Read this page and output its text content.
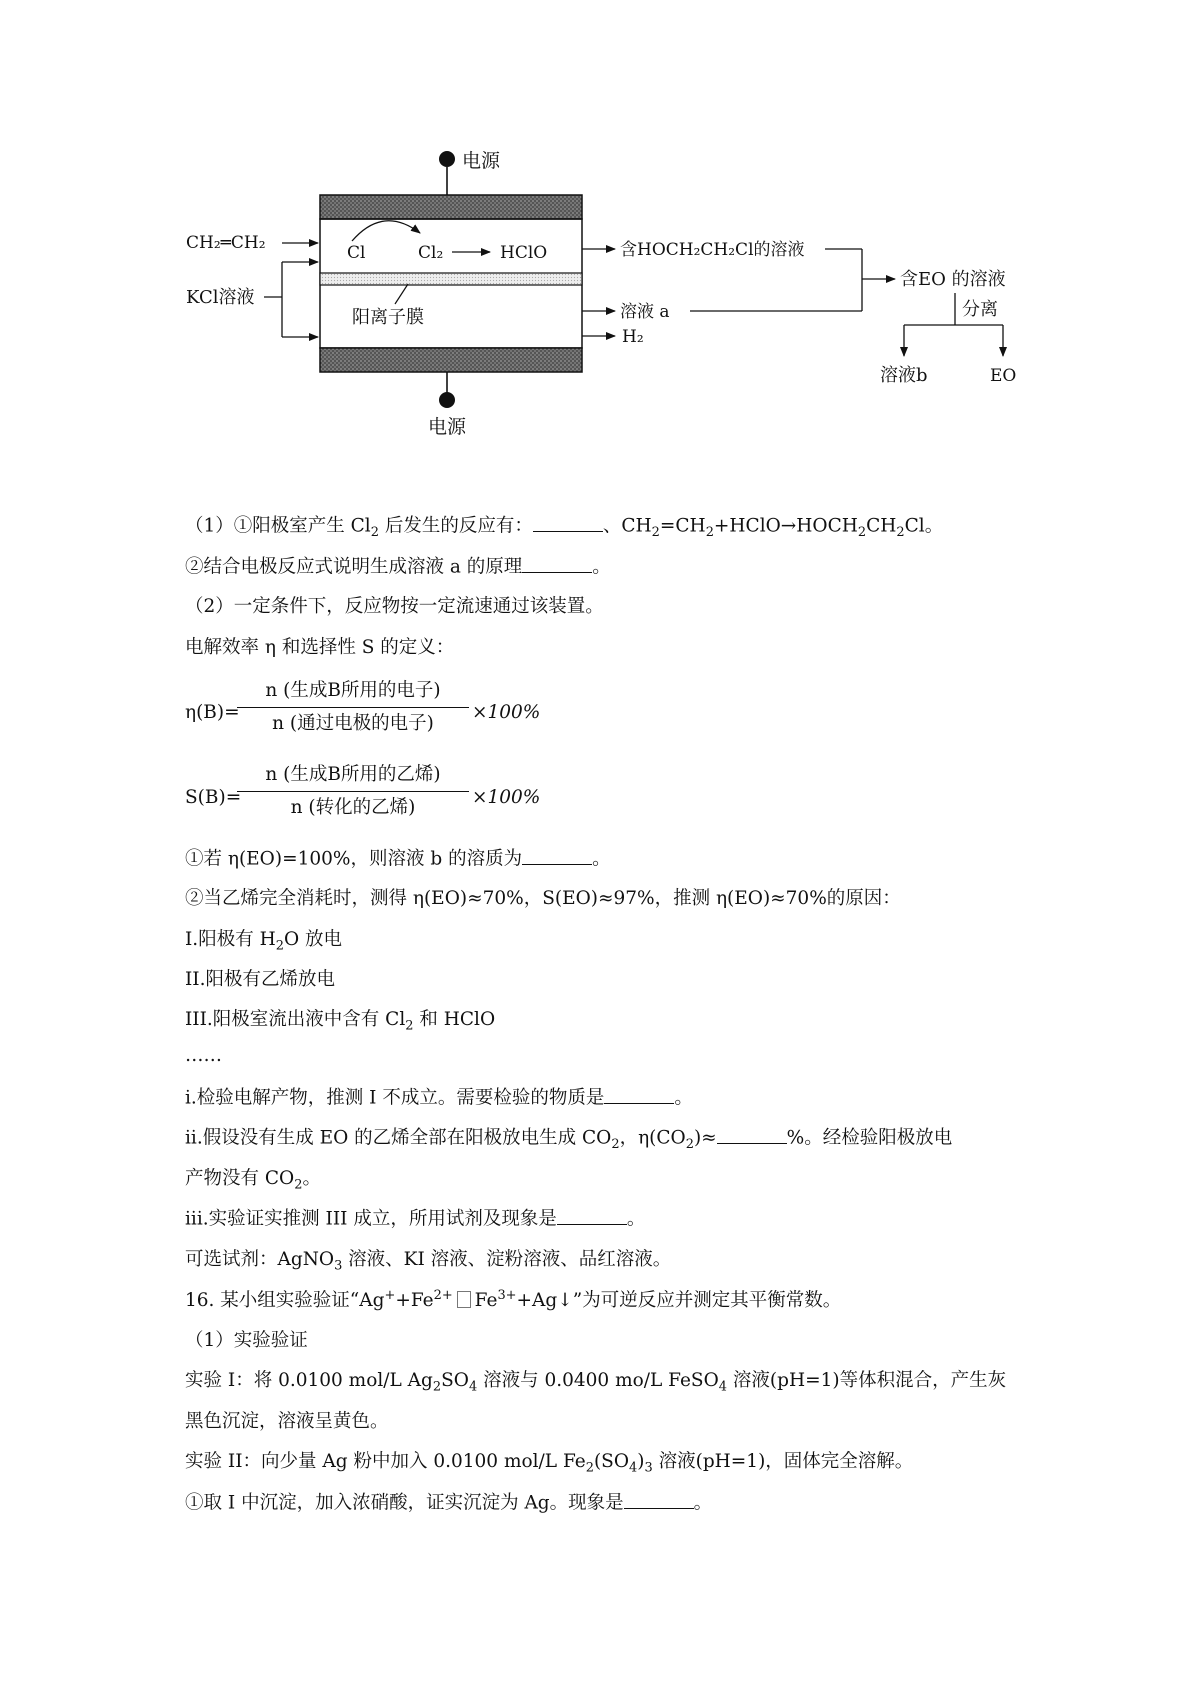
电源
电源
CH₂═CH₂
KCl溶液
Cl	Cl₂	HClO
阳离子膜
含HOCH₂CH₂Cl的溶液
溶液 a
H₂
含EO 的溶液
分离
溶液b	EO
（1）①阳极室产生 $Cl_2$ 后发生的反应有：	、$CH_2=CH_2+HClO\to HOCH_2CH_2Cl$。
②结合电极反应式说明生成溶液 a 的原理	。
（2）一定条件下，反应物按一定流速通过该装置。
电解效率 η 和选择性 S 的定义：
η(B)=
n (生成B所用的电子)
n (通过电极的电子)
×100%
S(B)=
n (生成B所用的乙烯)
n (转化的乙烯)	×100%
①若 η(EO)=100%，则溶液 b 的溶质为	。
②当乙烯完全消耗时，测得 η(EO)≈70%，S(EO)≈97%，推测 η(EO)≈70%的原因：
I.阳极有 $H_2O$ 放电
II.阳极有乙烯放电
III.阳极室流出液中含有 $Cl_2$ 和 HClO
……
i.检验电解产物，推测 I 不成立。需要检验的物质是	。
ii.假设没有生成 EO 的乙烯全部在阳极放电生成 $CO_2$，$\eta(CO_2)\approx$	%。经检验阳极放电
产物没有 $CO_2$。
iii.实验证实推测 III 成立，所用试剂及现象是	。
可选试剂：AgNO$_3$ 溶液、KI 溶液、淀粉溶液、品红溶液。
16. 某小组实验验证“$Ag^++Fe^{2+}$ $Fe^{3+}+Ag↓$”为可逆反应并测定其平衡常数。
（1）实验验证
实验 I：将 0.0100 mol/L $Ag_2SO_4$ 溶液与 0.0400 mo/L FeSO$_4$ 溶液(pH=1)等体积混合，产生灰
黑色沉淀，溶液呈黄色。
实验 II：向少量 Ag 粉中加入 0.0100 mol/L $Fe_2(SO_4)_3$ 溶液(pH=1)，固体完全溶解。
①取 I 中沉淀，加入浓硝酸，证实沉淀为 Ag。现象是	。
